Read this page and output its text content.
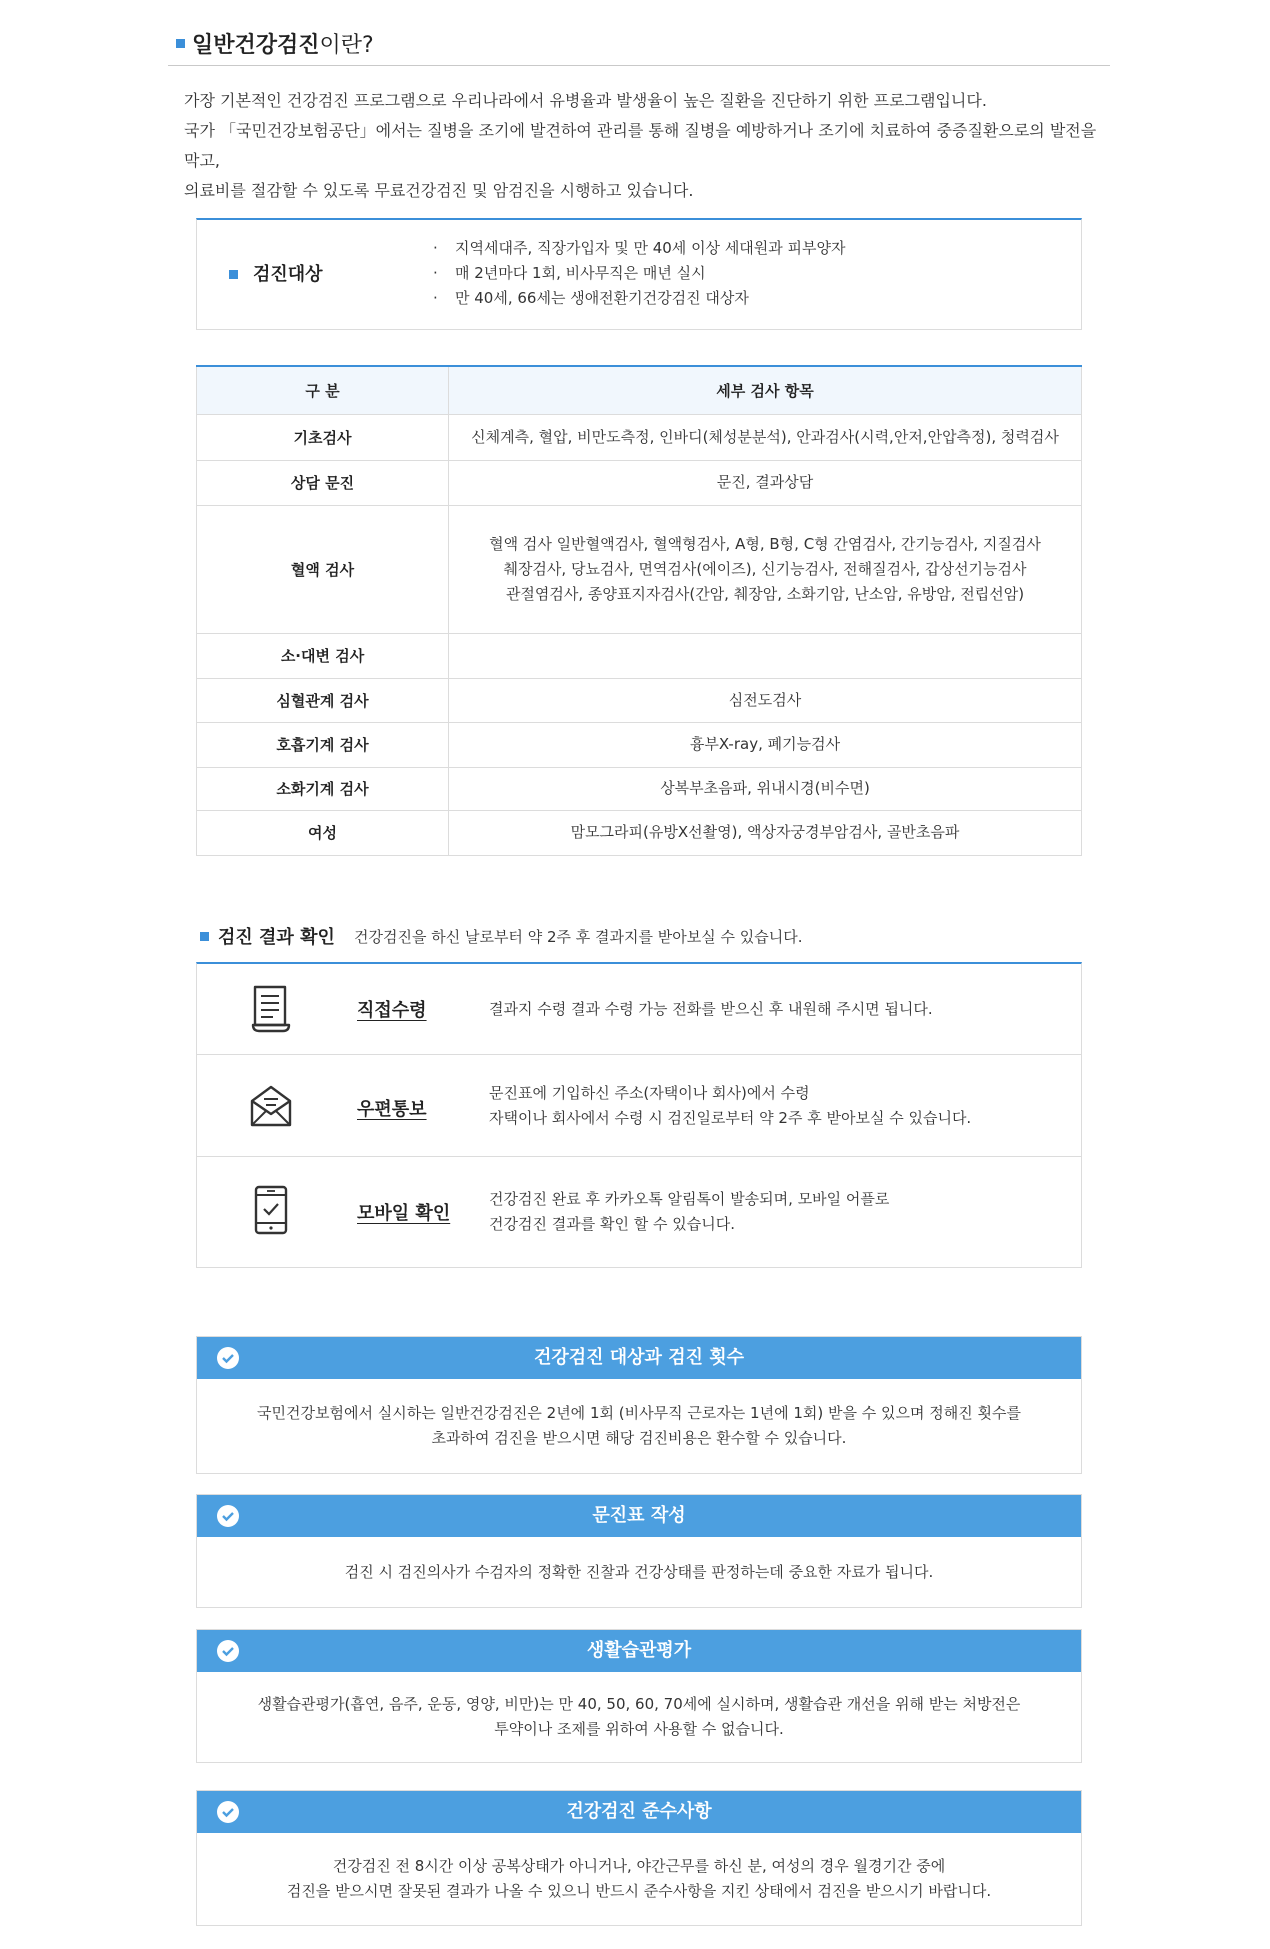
일반건강검진이란?

가장 기본적인 건강검진 프로그램으로 우리나라에서 유병율과 발생율이 높은 질환을 진단하기 위한 프로그램입니다.

국가 「국민건강보험공단」에서는 질병을 조기에 발견하여 관리를 통해 질병을 예방하거나 조기에 치료하여 중증질환으로의 발전을 막고,

의료비를 절감할 수 있도록 무료건강검진 및 암검진을 시행하고 있습니다.

검진대상
· 지역세대주, 직장가입자 및 만 40세 이상 세대원과 피부양자
· 매 2년마다 1회, 비사무직은 매년 실시
· 만 40세, 66세는 생애전환기건강검진 대상자
구 분	세부 검사 항목
기초검사	신체계측, 혈압, 비만도측정, 인바디(체성분분석), 안과검사(시력,안저,안압측정), 청력검사

상담 문진	문진, 결과상담

혈액 검사	혈액 검사 일반혈액검사, 혈액형검사, A형, B형, C형 간염검사, 간기능검사, 지질검사
췌장검사, 당뇨검사, 면역검사(에이즈), 신기능검사, 전해질검사, 갑상선기능검사
관절염검사, 종양표지자검사(간암, 췌장암, 소화기암, 난소암, 유방암, 전립선암)

소·대변 검사	
심혈관계 검사	심전도검사

호흡기계 검사	흉부X-ray, 폐기능검사

소화기계 검사	상복부초음파, 위내시경(비수면)

여성	맘모그라피(유방X선촬영), 액상자궁경부암검사, 골반초음파
검진 결과 확인 건강검진을 하신 날로부터 약 2주 후 결과지를 받아보실 수 있습니다.
직접수령	결과지 수령 결과 수령 가능 전화를 받으신 후 내원해 주시면 됩니다.
우편통보
문진표에 기입하신 주소(자택이나 회사)에서 수령
자택이나 회사에서 수령 시 검진일로부터 약 2주 후 받아보실 수 있습니다.
모바일 확인
건강검진 완료 후 카카오톡 알림톡이 발송되며, 모바일 어플로
건강검진 결과를 확인 할 수 있습니다.
건강검진 대상과 검진 횟수
국민건강보험에서 실시하는 일반건강검진은 2년에 1회 (비사무직 근로자는 1년에 1회) 받을 수 있으며 정해진 횟수를
초과하여 검진을 받으시면 해당 검진비용은 환수할 수 있습니다.
문진표 작성
검진 시 검진의사가 수검자의 정확한 진찰과 건강상태를 판정하는데 중요한 자료가 됩니다.
생활습관평가
생활습관평가(흡연, 음주, 운동, 영양, 비만)는 만 40, 50, 60, 70세에 실시하며, 생활습관 개선을 위해 받는 처방전은
투약이나 조제를 위하여 사용할 수 없습니다.
건강검진 준수사항
건강검진 전 8시간 이상 공복상태가 아니거나, 야간근무를 하신 분, 여성의 경우 월경기간 중에
검진을 받으시면 잘못된 결과가 나올 수 있으니 반드시 준수사항을 지킨 상태에서 검진을 받으시기 바랍니다.
